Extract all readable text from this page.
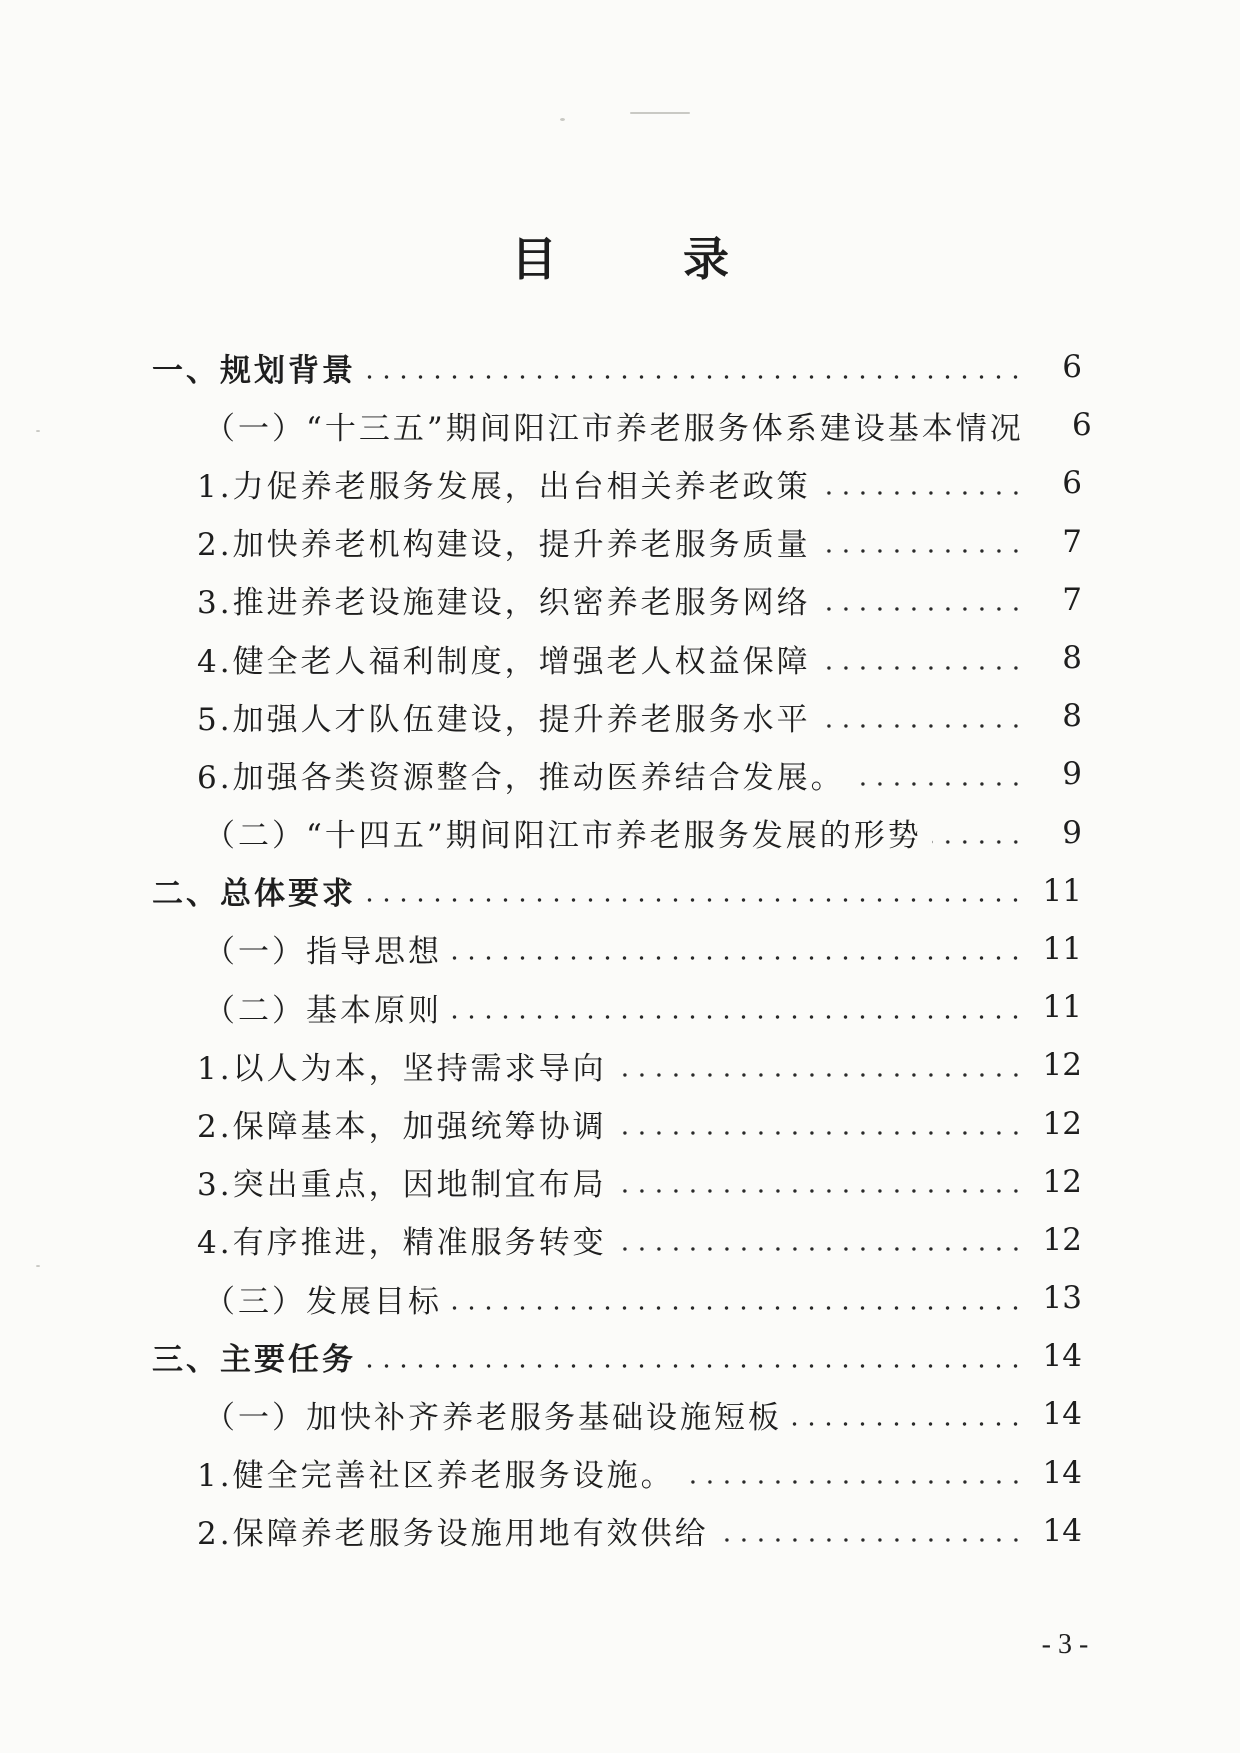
目　录
一、规划背景	6
（一）“十三五”期间阳江市养老服务体系建设基本情况	6
1.力促养老服务发展，出台相关养老政策	6
2.加快养老机构建设，提升养老服务质量	7
3.推进养老设施建设，织密养老服务网络	7
4.健全老人福利制度，增强老人权益保障	8
5.加强人才队伍建设，提升养老服务水平	8
6.加强各类资源整合，推动医养结合发展。	9
（二）“十四五”期间阳江市养老服务发展的形势	9
二、总体要求	11
（一）指导思想	11
（二）基本原则	11
1.以人为本，坚持需求导向	12
2.保障基本，加强统筹协调	12
3.突出重点，因地制宜布局	12
4.有序推进，精准服务转变	12
（三）发展目标	13
三、主要任务	14
（一）加快补齐养老服务基础设施短板	14
1.健全完善社区养老服务设施。	14
2.保障养老服务设施用地有效供给	14
- 3 -
